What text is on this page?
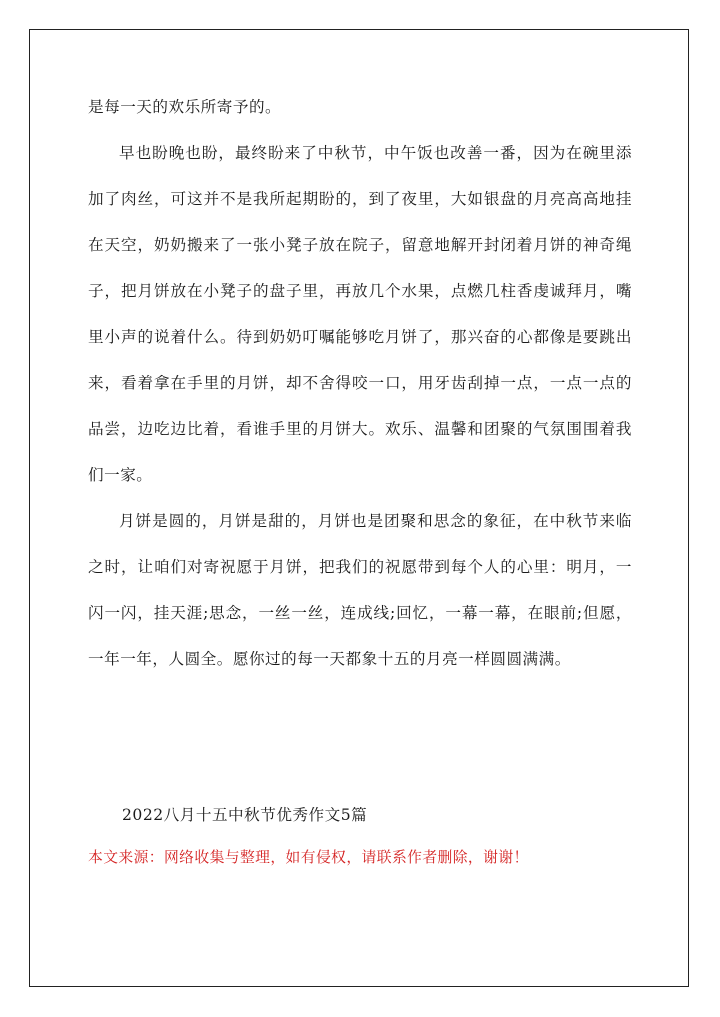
是每一天的欢乐所寄予的。

早也盼晚也盼，最终盼来了中秋节，中午饭也改善一番，因为在碗里添加了肉丝，可这并不是我所起期盼的，到了夜里，大如银盘的月亮高高地挂在天空，奶奶搬来了一张小凳子放在院子，留意地解开封闭着月饼的神奇绳子，把月饼放在小凳子的盘子里，再放几个水果，点燃几柱香虔诚拜月，嘴里小声的说着什么。待到奶奶叮嘱能够吃月饼了，那兴奋的心都像是要跳出来，看着拿在手里的月饼，却不舍得咬一口，用牙齿刮掉一点，一点一点的品尝，边吃边比着，看谁手里的月饼大。欢乐、温馨和团聚的气氛围围着我们一家。

月饼是圆的，月饼是甜的，月饼也是团聚和思念的象征，在中秋节来临之时，让咱们对寄祝愿于月饼，把我们的祝愿带到每个人的心里：明月，一闪一闪，挂天涯;思念，一丝一丝，连成线;回忆，一幕一幕，在眼前;但愿，一年一年，人圆全。愿你过的每一天都象十五的月亮一样圆圆满满。

2022八月十五中秋节优秀作文5篇

本文来源：网络收集与整理，如有侵权，请联系作者删除，谢谢！
